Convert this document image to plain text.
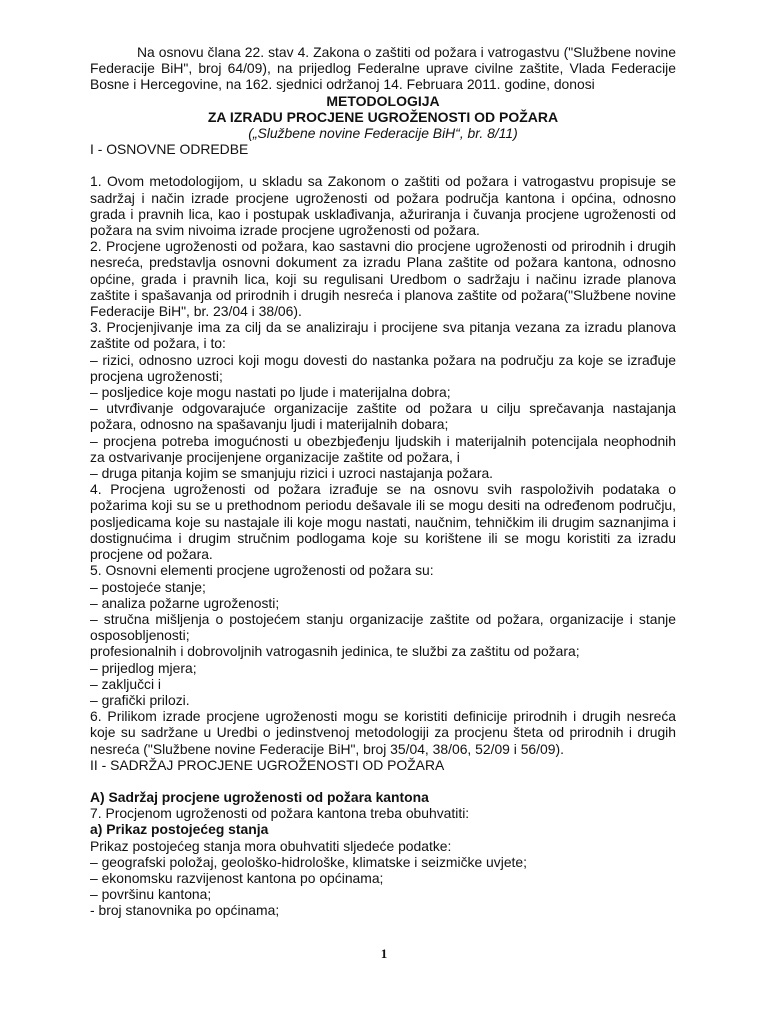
Na osnovu člana 22. stav 4. Zakona o zaštiti od požara i vatrogastvu ("Službene novine Federacije BiH", broj 64/09), na prijedlog Federalne uprave civilne zaštite, Vlada Federacije Bosne i Hercegovine, na 162. sjednici održanoj 14. Februara 2011. godine, donosi

METODOLOGIJA

ZA IZRADU PROCJENE UGROŽENOSTI OD POŽARA

(„Službene novine Federacije BiH“, br. 8/11)

I - OSNOVNE ODREDBE

1. Ovom metodologijom, u skladu sa Zakonom o zaštiti od požara i vatrogastvu propisuje se sadržaj i način izrade procjene ugroženosti od požara područja kantona i općina, odnosno grada i pravnih lica, kao i postupak usklađivanja, ažuriranja i čuvanja procjene ugroženosti od požara na svim nivoima izrade procjene ugroženosti od požara.

2. Procjene ugroženosti od požara, kao sastavni dio procjene ugroženosti od prirodnih i drugih nesreća, predstavlja osnovni dokument za izradu Plana zaštite od požara kantona, odnosno općine, grada i pravnih lica, koji su regulisani Uredbom o sadržaju i načinu izrade planova zaštite i spašavanja od prirodnih i drugih nesreća i planova zaštite od požara("Službene novine Federacije BiH", br. 23/04 i 38/06).

3. Procjenjivanje ima za cilj da se analiziraju i procijene sva pitanja vezana za izradu planova zaštite od požara, i to:

– rizici, odnosno uzroci koji mogu dovesti do nastanka požara na području za koje se izrađuje procjena ugroženosti;

– posljedice koje mogu nastati po ljude i materijalna dobra;

– utvrđivanje odgovarajuće organizacije zaštite od požara u cilju sprečavanja nastajanja požara, odnosno na spašavanju ljudi i materijalnih dobara;

– procjena potreba imogućnosti u obezbjeđenju ljudskih i materijalnih potencijala neophodnih za ostvarivanje procijenjene organizacije zaštite od požara, i

– druga pitanja kojim se smanjuju rizici i uzroci nastajanja požara.

4. Procjena ugroženosti od požara izrađuje se na osnovu svih raspoloživih podataka o požarima koji su se u prethodnom periodu dešavale ili se mogu desiti na određenom području, posljedicama koje su nastajale ili koje mogu nastati, naučnim, tehničkim ili drugim saznanjima i dostignućima i drugim stručnim podlogama koje su korištene ili se mogu koristiti za izradu procjene od požara.

5. Osnovni elementi procjene ugroženosti od požara su:

– postojeće stanje;

– analiza požarne ugroženosti;

– stručna mišljenja o postojećem stanju organizacije zaštite od požara, organizacije i stanje osposobljenosti;

profesionalnih i dobrovoljnih vatrogasnih jedinica, te službi za zaštitu od požara;

– prijedlog mjera;

– zaključci i

– grafički prilozi.

6. Prilikom izrade procjene ugroženosti mogu se koristiti definicije prirodnih i drugih nesreća koje su sadržane u Uredbi o jedinstvenoj metodologiji za procjenu šteta od prirodnih i drugih nesreća ("Službene novine Federacije BiH", broj 35/04, 38/06, 52/09 i 56/09).

II - SADRŽAJ PROCJENE UGROŽENOSTI OD POŽARA

A) Sadržaj procjene ugroženosti od požara kantona

7. Procjenom ugroženosti od požara kantona treba obuhvatiti:

a) Prikaz postojećeg stanja

Prikaz postojećeg stanja mora obuhvatiti sljedeće podatke:

– geografski položaj, geološko-hidrološke, klimatske i seizmičke uvjete;

– ekonomsku razvijenost kantona po općinama;

– površinu kantona;

- broj stanovnika po općinama;

1
